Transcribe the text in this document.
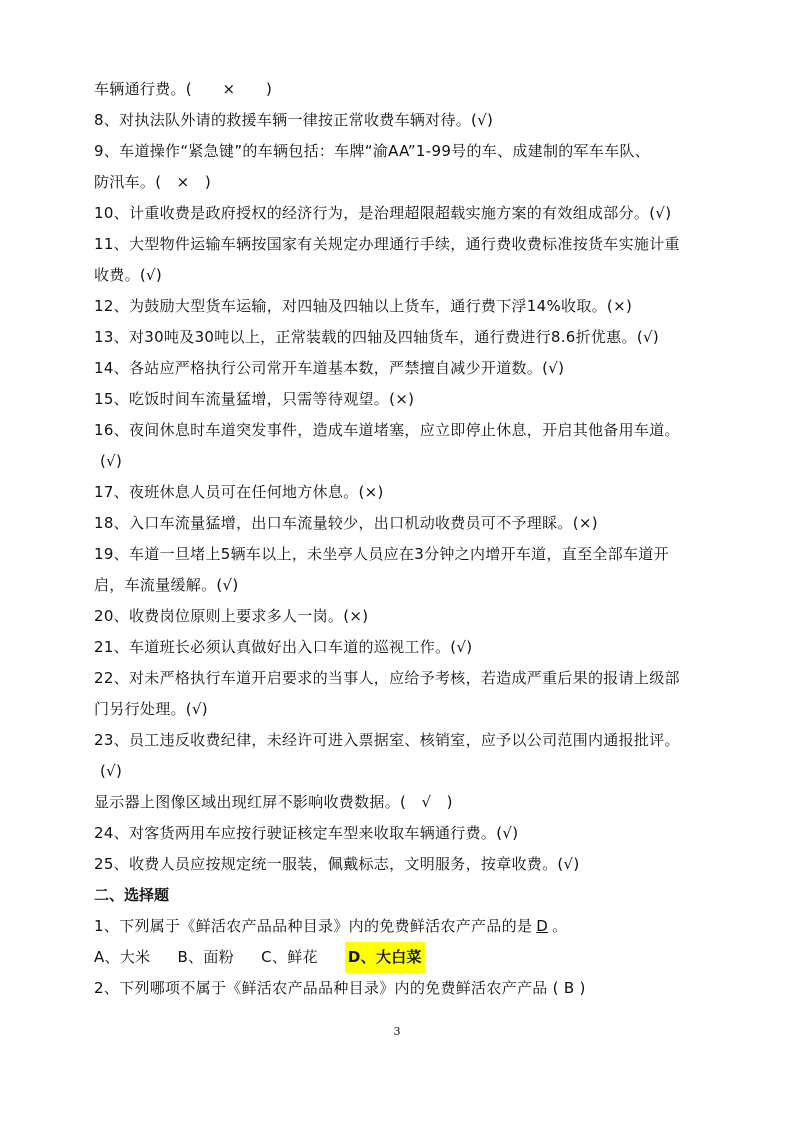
车辆通行费。(　　×　　)
8、对执法队外请的救援车辆一律按正常收费车辆对待。(√)
9、车道操作“紧急键”的车辆包括：车牌“渝AA”1-99号的车、成建制的军车车队、
防汛车。(　×　)
10、计重收费是政府授权的经济行为，是治理超限超载实施方案的有效组成部分。(√)
11、大型物件运输车辆按国家有关规定办理通行手续，通行费收费标准按货车实施计重
收费。(√)
12、为鼓励大型货车运输，对四轴及四轴以上货车，通行费下浮14%收取。(×)
13、对30吨及30吨以上，正常装载的四轴及四轴货车，通行费进行8.6折优惠。(√)
14、各站应严格执行公司常开车道基本数，严禁擅自减少开道数。(√)
15、吃饭时间车流量猛增，只需等待观望。(×)
16、夜间休息时车道突发事件，造成车道堵塞，应立即停止休息，开启其他备用车道。
(√)
17、夜班休息人员可在任何地方休息。(×)
18、入口车流量猛增，出口车流量较少，出口机动收费员可不予理睬。(×)
19、车道一旦堵上5辆车以上，未坐亭人员应在3分钟之内增开车道，直至全部车道开
启，车流量缓解。(√)
20、收费岗位原则上要求多人一岗。(×)
21、车道班长必须认真做好出入口车道的巡视工作。(√)
22、对未严格执行车道开启要求的当事人，应给予考核，若造成严重后果的报请上级部
门另行处理。(√)
23、员工违反收费纪律，未经许可进入票据室、核销室，应予以公司范围内通报批评。
(√)
显示器上图像区域出现红屏不影响收费数据。(　√　)
24、对客货两用车应按行驶证核定车型来收取车辆通行费。(√)
25、收费人员应按规定统一服装，佩戴标志，文明服务，按章收费。(√)
二、选择题
1、下列属于《鲜活农产品品种目录》内的免费鲜活农产产品的是 D 。
A、大米 B、面粉 C、鲜花 D、大白菜
2、下列哪项不属于《鲜活农产品品种目录》内的免费鲜活农产产品 ( B )
3
